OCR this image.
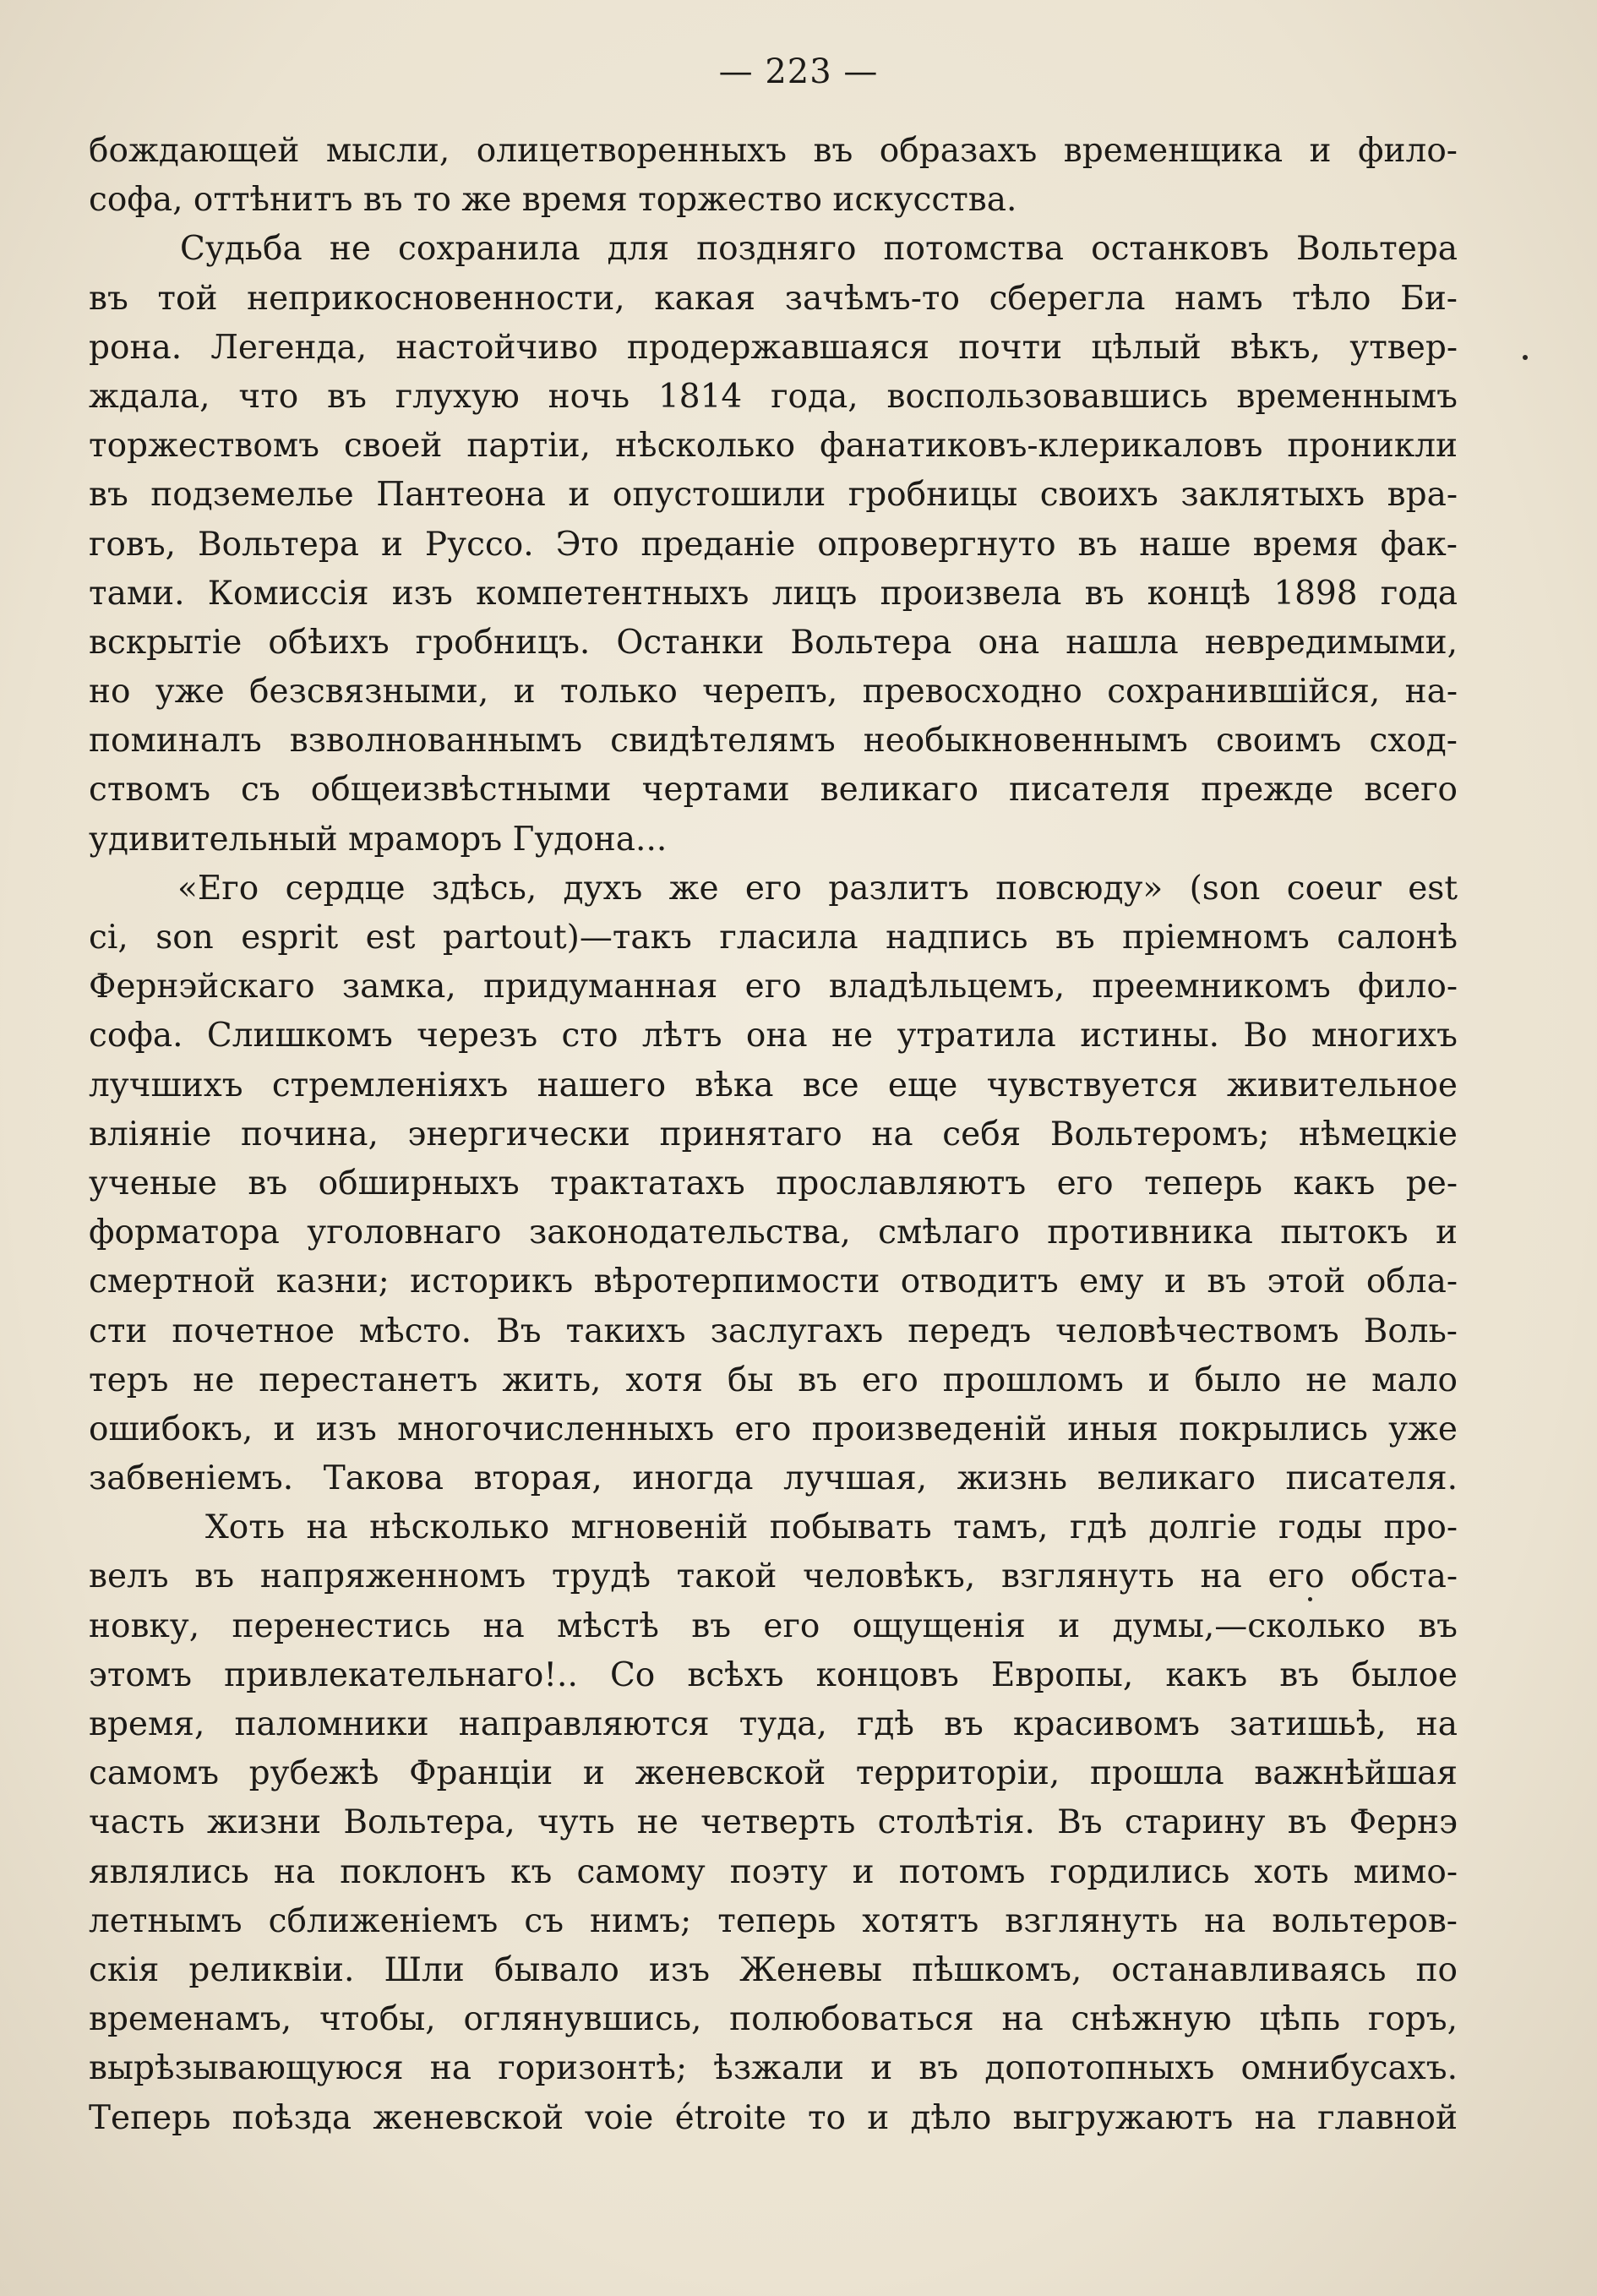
— 223 —
бождающей мысли, олицетворенныхъ въ образахъ временщика и фило-
софа, оттѣнитъ въ то же время торжество искусства.
Судьба не сохранила для поздняго потомства останковъ Вольтера
въ той неприкосновенности, какая зачѣмъ-то сберегла намъ тѣло Би-
рона. Легенда, настойчиво продержавшаяся почти цѣлый вѣкъ, утвер-
ждала, что въ глухую ночь 1814 года, воспользовавшись временнымъ
торжествомъ своей партіи, нѣсколько фанатиковъ-клерикаловъ проникли
въ подземелье Пантеона и опустошили гробницы своихъ заклятыхъ вра-
говъ, Вольтера и Руссо. Это преданіе опровергнуто въ наше время фак-
тами. Комиссія изъ компетентныхъ лицъ произвела въ концѣ 1898 года
вскрытіе обѣихъ гробницъ. Останки Вольтера она нашла невредимыми,
но уже безсвязными, и только черепъ, превосходно сохранившійся, на-
поминалъ взволнованнымъ свидѣтелямъ необыкновеннымъ своимъ сход-
ствомъ съ общеизвѣстными чертами великаго писателя прежде всего
удивительный мраморъ Гудона...
«Его сердце здѣсь, духъ же его разлитъ повсюду» (son coeur est
ci, son esprit est partout)—такъ гласила надпись въ пріемномъ салонѣ
Фернэйскаго замка, придуманная его владѣльцемъ, преемникомъ фило-
софа. Слишкомъ черезъ сто лѣтъ она не утратила истины. Во многихъ
лучшихъ стремленіяхъ нашего вѣка все еще чувствуется живительное
вліяніе почина, энергически принятаго на себя Вольтеромъ; нѣмецкіе
ученые въ обширныхъ трактатахъ прославляютъ его теперь какъ ре-
форматора уголовнаго законодательства, смѣлаго противника пытокъ и
смертной казни; историкъ вѣротерпимости отводитъ ему и въ этой обла-
сти почетное мѣсто. Въ такихъ заслугахъ передъ человѣчествомъ Воль-
теръ не перестанетъ жить, хотя бы въ его прошломъ и было не мало
ошибокъ, и изъ многочисленныхъ его произведеній иныя покрылись уже
забвеніемъ. Такова вторая, иногда лучшая, жизнь великаго писателя.
Хоть на нѣсколько мгновеній побывать тамъ, гдѣ долгіе годы про-
велъ въ напряженномъ трудѣ такой человѣкъ, взглянуть на его обста-
новку, перенестись на мѣстѣ въ его ощущенія и думы,—сколько въ
этомъ привлекательнаго!.. Со всѣхъ концовъ Европы, какъ въ былое
время, паломники направляются туда, гдѣ въ красивомъ затишьѣ, на
самомъ рубежѣ Франціи и женевской территоріи, прошла важнѣйшая
часть жизни Вольтера, чуть не четверть столѣтія. Въ старину въ Фернэ
являлись на поклонъ къ самому поэту и потомъ гордились хоть мимо-
летнымъ сближеніемъ съ нимъ; теперь хотятъ взглянуть на вольтеров-
скія реликвіи. Шли бывало изъ Женевы пѣшкомъ, останавливаясь по
временамъ, чтобы, оглянувшись, полюбоваться на снѣжную цѣпь горъ,
вырѣзывающуюся на горизонтѣ; ѣзжали и въ допотопныхъ омнибусахъ.
Теперь поѣзда женевской voie étroite то и дѣло выгружаютъ на главной
